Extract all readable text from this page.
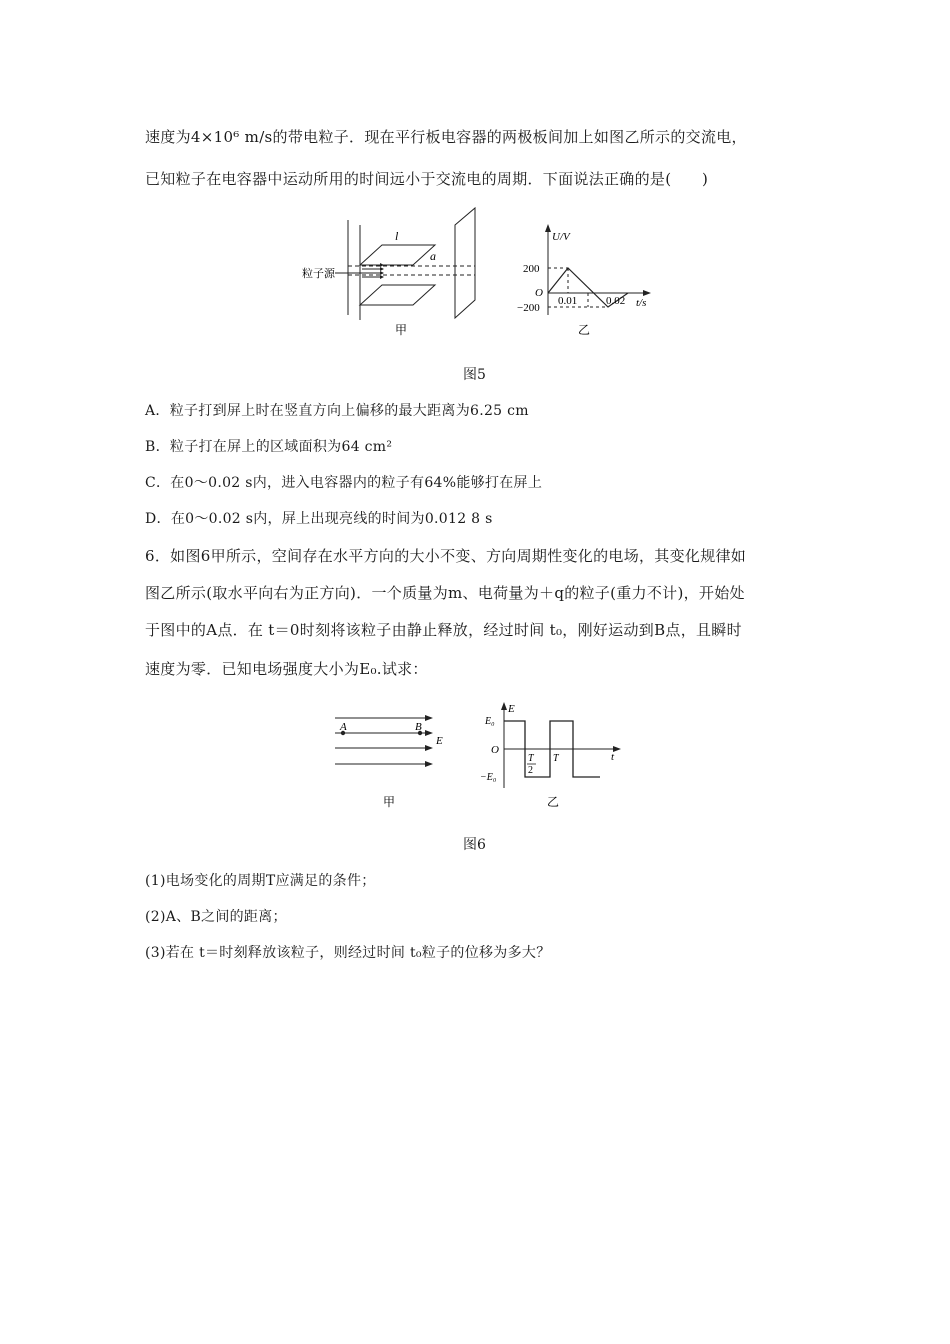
速度为4×10⁶ m/s的带电粒子．现在平行板电容器的两极板间加上如图乙所示的交流电，
已知粒子在电容器中运动所用的时间远小于交流电的周期．下面说法正确的是(　　)
l
a
粒子源
甲
U/V
t/s
O
200
−200
0.01	0.02
乙
图5
A．粒子打到屏上时在竖直方向上偏移的最大距离为6.25 cm
B．粒子打在屏上的区域面积为64 cm²
C．在0～0.02 s内，进入电容器内的粒子有64%能够打在屏上
D．在0～0.02 s内，屏上出现亮线的时间为0.012 8 s
6．如图6甲所示，空间存在水平方向的大小不变、方向周期性变化的电场，其变化规律如
图乙所示(取水平向右为正方向)．一个质量为m、电荷量为＋q的粒子(重力不计)，开始处
于图中的A点．在 t＝0时刻将该粒子由静止释放，经过时间 t₀，刚好运动到B点，且瞬时
速度为零．已知电场强度大小为E₀.试求：
A	B
E
甲
E
E₀
−E₀
O
t
T
2
T
乙
图6
(1)电场变化的周期T应满足的条件；
(2)A、B之间的距离；
(3)若在 t＝时刻释放该粒子，则经过时间 t₀粒子的位移为多大？
